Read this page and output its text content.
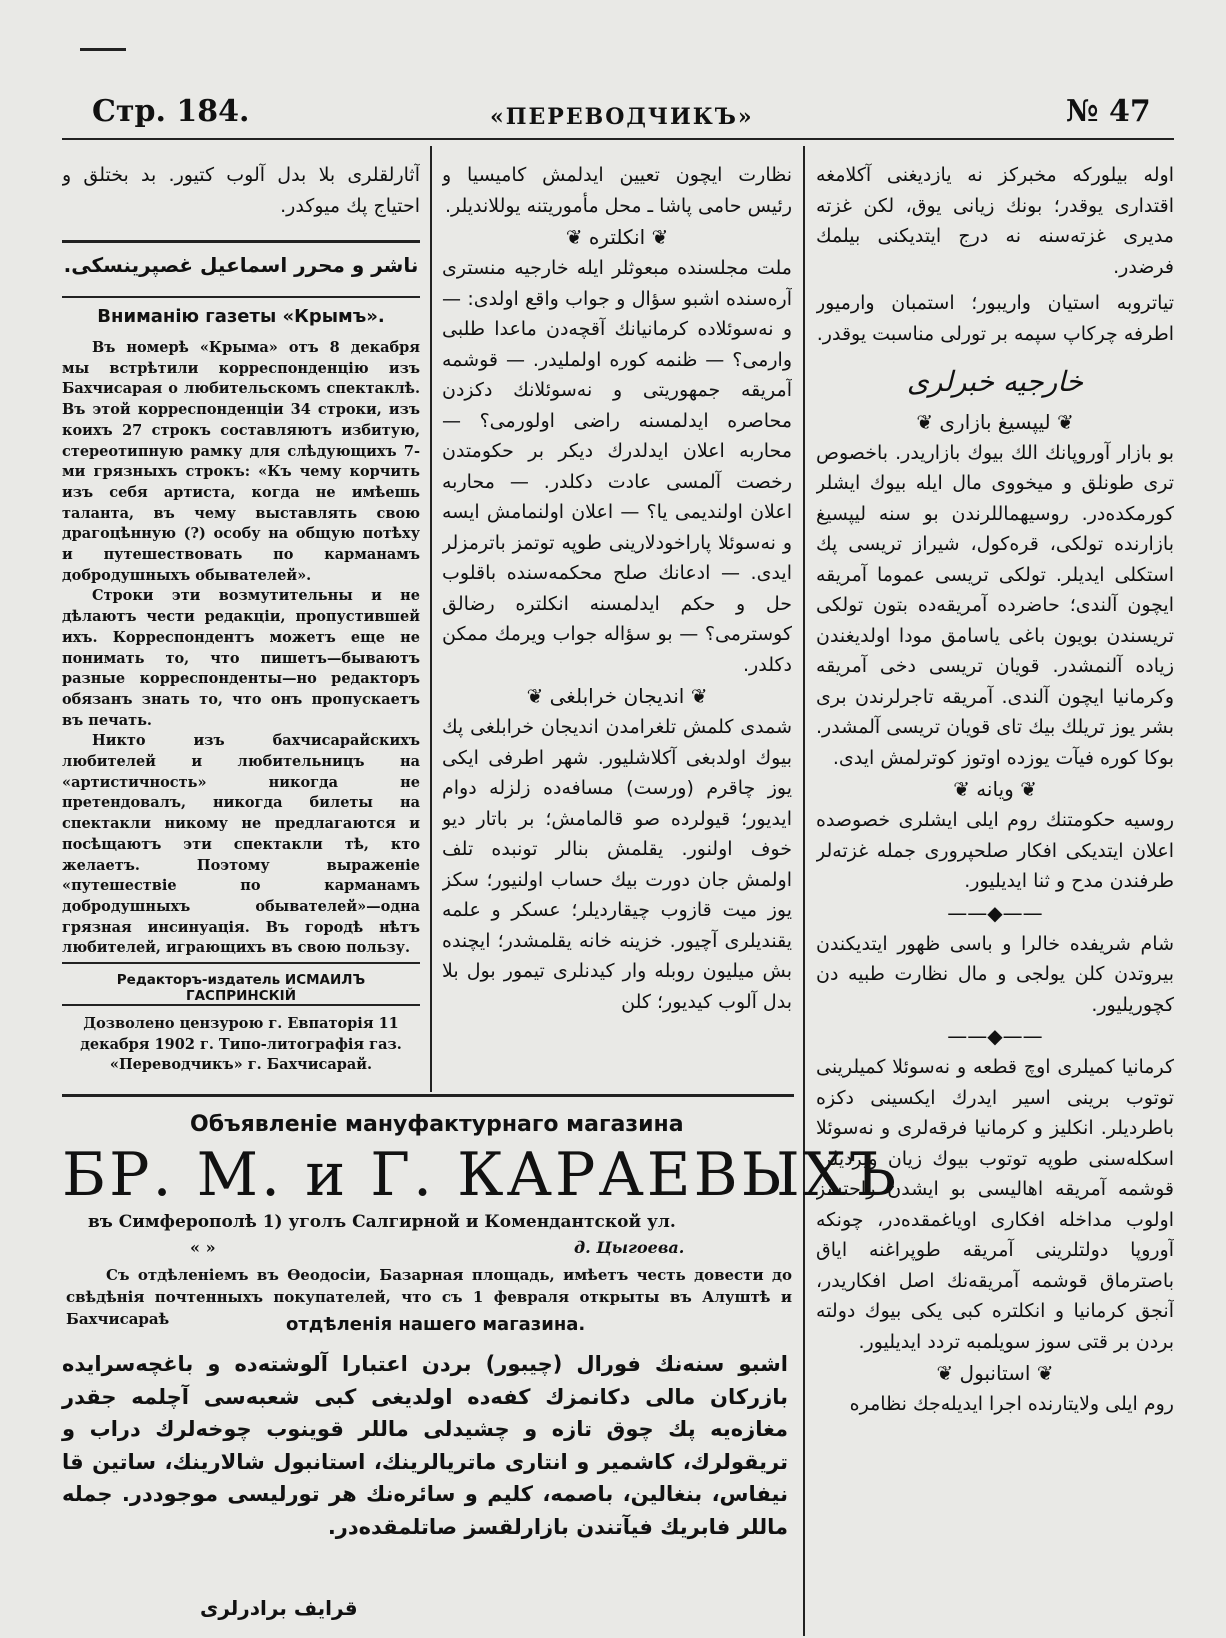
Стр. 184.	«ПЕРЕВОДЧИКЪ»	№ 47

آثارلقلرى بلا بدل آلوب كتيور. بد بختلق و احتياج پك ميوكدر.

ناشر و محرر اسماعيل غصپرينسكى.

Вниманію газеты «Крымъ».

Въ номерѣ «Крыма» отъ 8 декабря мы встрѣтили корреспонденцію изъ Бахчисарая о любительскомъ спектаклѣ. Въ этой корреспонденціи 34 строки, изъ коихъ 27 строкъ составляютъ избитую, стереотипную рамку для слѣдующихъ 7-ми грязныхъ строкъ: «Къ чему корчить изъ себя артиста, когда не имѣешь таланта, въ чему выставлять свою драгоцѣнную (?) особу на общую потѣху и путешествовать по карманамъ добродушныхъ обывателей».

Строки эти возмутительны и не дѣлаютъ чести редакціи, пропустившей ихъ. Корреспондентъ можетъ еще не понимать то, что пишетъ—бываютъ разные корреспонденты—но редакторъ обязанъ знать то, что онъ пропускаетъ въ печать.

Никто изъ бахчисарайскихъ любителей и любительницъ на «артистичность» никогда не претендовалъ, никогда билеты на спектакли никому не предлагаются и посѣщаютъ эти спектакли тѣ, кто желаетъ. Поэтому выраженіе «путешествіе по карманамъ добродушныхъ обывателей»—одна грязная инсинуація. Въ городѣ нѣтъ любителей, играющихъ въ свою пользу.

Редакторъ-издатель ИСМАИЛЪ ГАСПРИНСКІЙ
Дозволено цензурою г. Евпаторія 11 декабря 1902 г. Типо-литографія газ. «Переводчикъ» г. Бахчисарай.

نظارت ايچون تعيين ايدلمش كاميسيا و رئيس حامى پاشا ـ محل مأموريتنه يوللانديلر.

❦ انكلتره ❦

ملت مجلسنده مبعوثلر ايله خارجيه منسترى آره‌سنده اشبو سؤال و جواب واقع اولدى: — و نه‌سوئلاده كرمانيانك آقچه‌دن ماعدا طلبى وارمى؟ — ظنمه كوره اولمليدر. — قوشمه آمريقه جمهوريتى و نه‌سوئلانك دكزدن محاصره ايدلمسنه راضى اولورمى؟ — محاربه اعلان ايدلدرك ديكر بر حكومتدن رخصت آلمسى عادت دكلدر. — محاربه اعلان اولنديمى يا؟ — اعلان اولنمامش ايسه و نه‌سوئلا پاراخودلارينى طوپه توتمز باترمزلر ايدى. — ادعانك صلح محكمه‌سنده باقلوب حل و حكم ايدلمسنه انكلتره رضالق كوسترمى؟ — بو سؤاله جواب ويرمك ممكن دكلدر.

❦ انديجان خرابلغى ❦

شمدى كلمش تلغرامدن انديجان خرابلغى پك بيوك اولدبغى آكلاشليور. شهر اطرفى ايكى يوز چاقرم (ورست) مسافه‌ده زلزله دوام ايديور؛ قيولرده صو قالمامش؛ بر باتار ديو خوف اولنور. يقلمش بنالر تونبده تلف اولمش جان دورت بيك حساب اولنيور؛ سكز يوز ميت قازوب چيقارديلر؛ عسكر و علمه يقنديلرى آچيور. خزينه خانه يقلمشدر؛ ايچنده بش ميليون روبله وار كيدنلرى تيمور بول بلا بدل آلوب كيديور؛ كلن

اوله بيلوركه مخبركز نه يازديغنى آكلامغه اقتدارى يوقدر؛ بونك زيانى يوق، لكن غزته مديرى غزته‌سنه نه درج ايتديكنى بيلمك فرضدر.

تياتروبه استيان واريبور؛ استمبان وارميور اطرفه چركاپ سپمه بر تورلى مناسبت يوقدر.

خارجيه خبرلرى
❦ ليپسيغ بازارى ❦

بو بازار آوروپانك الك بيوك بازاريدر. باخصوص ترى طونلق و ميخووى مال ايله بيوك ايشلر كورمكده‌در. روسيهماللرندن بو سنه ليپسيغ بازارنده تولكى، قره‌كول، شيراز تريسى پك استكلى ايديلر. تولكى تريسى عموما آمريقه ايچون آلندى؛ حاضرده آمريقه‌ده بتون تولكى تريسندن بويون باغى ياسامق مودا اولديغندن زياده آلنمشدر. قويان تريسى دخى آمريقه وكرمانيا ايچون آلندى. آمريقه تاجرلرندن برى بشر يوز تريلك بيك تاى قويان تريسى آلمشدر. بوكا كوره فيآت يوزده اوتوز كوترلمش ايدى.

❦ ويانه ❦

روسيه حكومتنك روم ايلى ايشلرى خصوصده اعلان ايتديكى افكار صلحپرورى جمله غزته‌لر طرفندن مدح و ثنا ايديليور.

——◆——

شام شريفده خالرا و باسى ظهور ايتديكندن بيروتدن كلن يولجى و مال نظارت طبيه دن كچوريليور.

——◆——

كرمانيا كميلرى اوچ قطعه و نه‌سوئلا كميلرينى توتوب برينى اسير ايدرك ايكسينى دكزه باطرديلر. انكليز و كرمانيا فرقه‌لرى و نه‌سوئلا اسكله‌سنى طوپه توتوب بيوك زيان ويرديلر. قوشمه آمريقه اهاليسى بو ايشدن راحتسز اولوب مداخله افكارى اوياغمقده‌در، چونكه آوروپا دولتلرينى آمريقه طوپراغنه اياق باصترماق قوشمه آمريقه‌نك اصل افكاريدر، آنجق كرمانيا و انكلتره كبى يكى بيوك دولته بردن بر قتى سوز سويلمبه تردد ايديليور.

❦ استانبول ❦

روم ايلى ولايتارنده اجرا ايديله‌جك نظامره

Объявленіе мануфактурнаго магазина
БР. М. и Г. КАРАЕВЫХЪ
въ Симферополѣ 1) уголъ Салгирной и Комендантской ул.
« »	д. Цыгоева.
Съ отдѣленіемъ въ Ѳеодосіи, Базарная площадь, имѣетъ честь довести до свѣдѣнія почтенныхъ покупателей, что съ 1 февраля открыты въ Алуштѣ и Бахчисараѣ	отдѣленія нашего магазина.

اشبو سنه‌نك فورال (چيبور) بردن اعتبارا آلوشته‌ده و باغچه‌سرايده بازركان مالى دكانمزك كفه‌ده اولديغى كبى شعبه‌سى آچلمه جقدر مغازه‌يه پك چوق تازه و چشيدلى ماللر قوينوب چوخه‌لرك دراب و تريقولرك، كاشمير و انتارى ماتريالرينك، استانبول شالارينك، ساتين قا نيفاس، بنغالين، باصمه، كليم و سائره‌نك هر تورليسى موجوددر. جمله ماللر فابريك فيآتندن بازارلقسز صاتلمقده‌در.

قرايف برادرلرى
